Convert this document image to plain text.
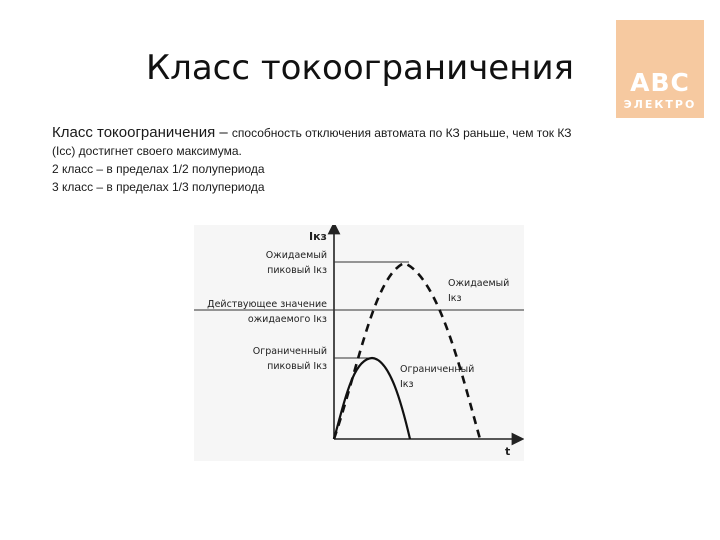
ABC
ЭЛЕКТРО
Класс токоограничения

Класс токоограничения – способность отключения автомата по КЗ раньше, чем ток КЗ

(Icc) достигнет своего максимума.

2 класс – в пределах 1/2 полупериода

3 класс – в пределах 1/3 полупериода

Iкз
t
Ожидаемый
пиковый Iкз
Действующее значение
ожидаемого Iкз
Ограниченный
пиковый Iкз
Ожидаемый
Iкз
Ограниченный
Iкз
